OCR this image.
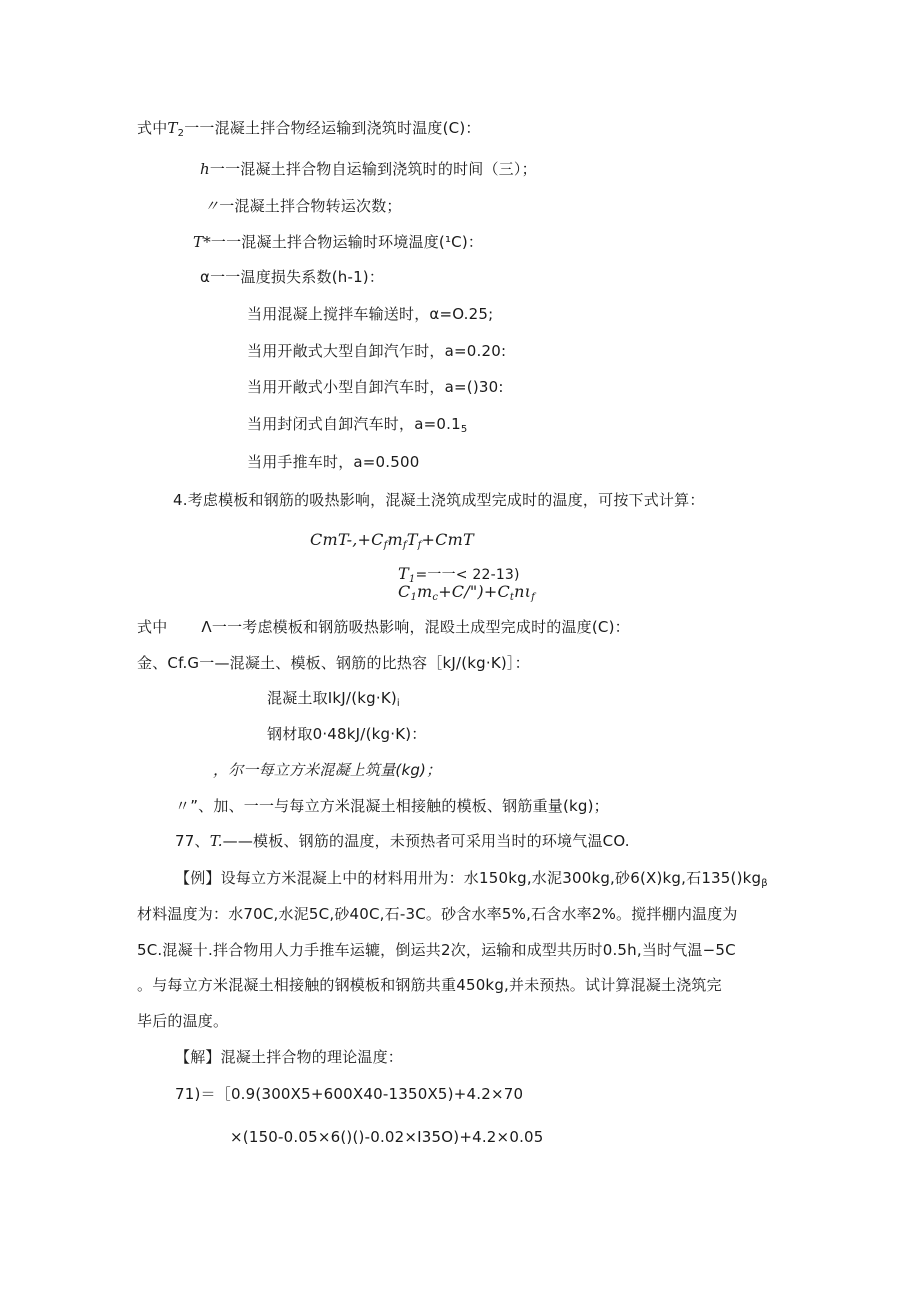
式中$T_2$一一混凝土拌合物经运输到浇筑时温度(C)：
h一一混凝土拌合物自运输到浇筑时的时间（三）；
〃一混凝土拌合物转运次数；
T*一一混凝土拌合物运输时环境温度(¹C)：
α一一温度损失系数(h-1)：
当用混凝上搅拌车输送时，α=O.25;
当用开敞式大型自卸汽乍时，a=0.20:
当用开敞式小型自卸汽车时，a=()30:
当用封闭式自卸汽车时，$a=0.1_5$
当用手推车时，a=0.500
4.考虑模板和钢筋的吸热影响，混凝土浇筑成型完成时的温度，可按下式计算：
CmT-$,+C_fm_fT_f+CmT$
$T_1=$一一< 22-13)
$C_1m_c+C/")+C_tn\iota_f$
式中 Λ一一考虑模板和钢筋吸热影响，混殴土成型完成时的温度(C)：
金、Cf.G一—混凝土、模板、钢筋的比热容［kJ/(kg·K)］：
混凝土取IkJ/$(kg\cdot K)_i$
钢材取0·48kJ/(kg·K)：
，尔一每立方米混凝上筑量(kg)；
〃”、加、一一与每立方米混凝土相接触的模板、钢筋重量(kg)；
77、T.——模板、钢筋的温度，未预热者可采用当时的环境气温CO.
【例】设每立方米混凝上中的材料用卅为：水150kg,水泥300kg,砂6(X)kg,石$135()kg_\beta$
材料温度为：水70C,水泥5C,砂40C,石-3C。砂含水率5%,石含水率2%。搅拌棚内温度为
5C.混凝十.拌合物用人力手推车运辘，倒运共2次，运输和成型共历时0.5h,当时气温−5C
。与每立方米混凝土相接触的钢模板和钢筋共重450kg,并未预热。试计算混凝土浇筑完
毕后的温度。
【解】混凝土拌合物的理论温度：
71)＝［0.9(300X5+600X40-1350X5)+4.2×70
×(150-0.05×6()()-0.02×I35O)+4.2×0.05
